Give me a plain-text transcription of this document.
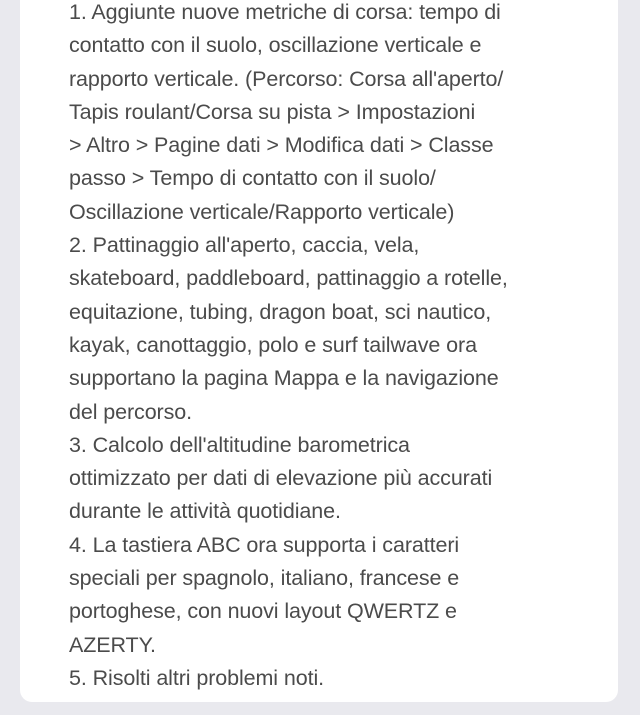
1. Aggiunte nuove metriche di corsa: tempo di
contatto con il suolo, oscillazione verticale e
rapporto verticale. (Percorso: Corsa all'aperto/
Tapis roulant/Corsa su pista > Impostazioni
> Altro > Pagine dati > Modifica dati > Classe
passo > Tempo di contatto con il suolo/
Oscillazione verticale/Rapporto verticale)
2. Pattinaggio all'aperto, caccia, vela,
skateboard, paddleboard, pattinaggio a rotelle,
equitazione, tubing, dragon boat, sci nautico,
kayak, canottaggio, polo e surf tailwave ora
supportano la pagina Mappa e la navigazione
del percorso.
3. Calcolo dell'altitudine barometrica
ottimizzato per dati di elevazione più accurati
durante le attività quotidiane.
4. La tastiera ABC ora supporta i caratteri
speciali per spagnolo, italiano, francese e
portoghese, con nuovi layout QWERTZ e
AZERTY.
5. Risolti altri problemi noti.
